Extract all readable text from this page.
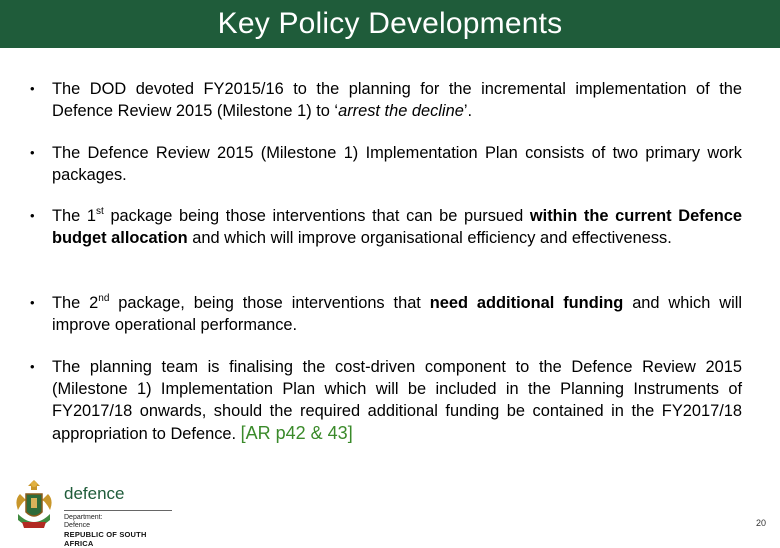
Key Policy Developments
• The DOD devoted FY2015/16 to the planning for the incremental implementation of the Defence Review 2015 (Milestone 1) to ‘arrest the decline’.
• The Defence Review 2015 (Milestone 1) Implementation Plan consists of two primary work packages.
• The 1st package being those interventions that can be pursued within the current Defence budget allocation and which will improve organisational efficiency and effectiveness.
• The 2nd package, being those interventions that need additional funding and which will improve operational performance.
• The planning team is finalising the cost-driven component to the Defence Review 2015 (Milestone 1) Implementation Plan which will be included in the Planning Instruments of FY2017/18 onwards, should the required additional funding be contained in the FY2017/18 appropriation to Defence. [AR p42 & 43]
defence
Department:
Defence
REPUBLIC OF SOUTH AFRICA
20
